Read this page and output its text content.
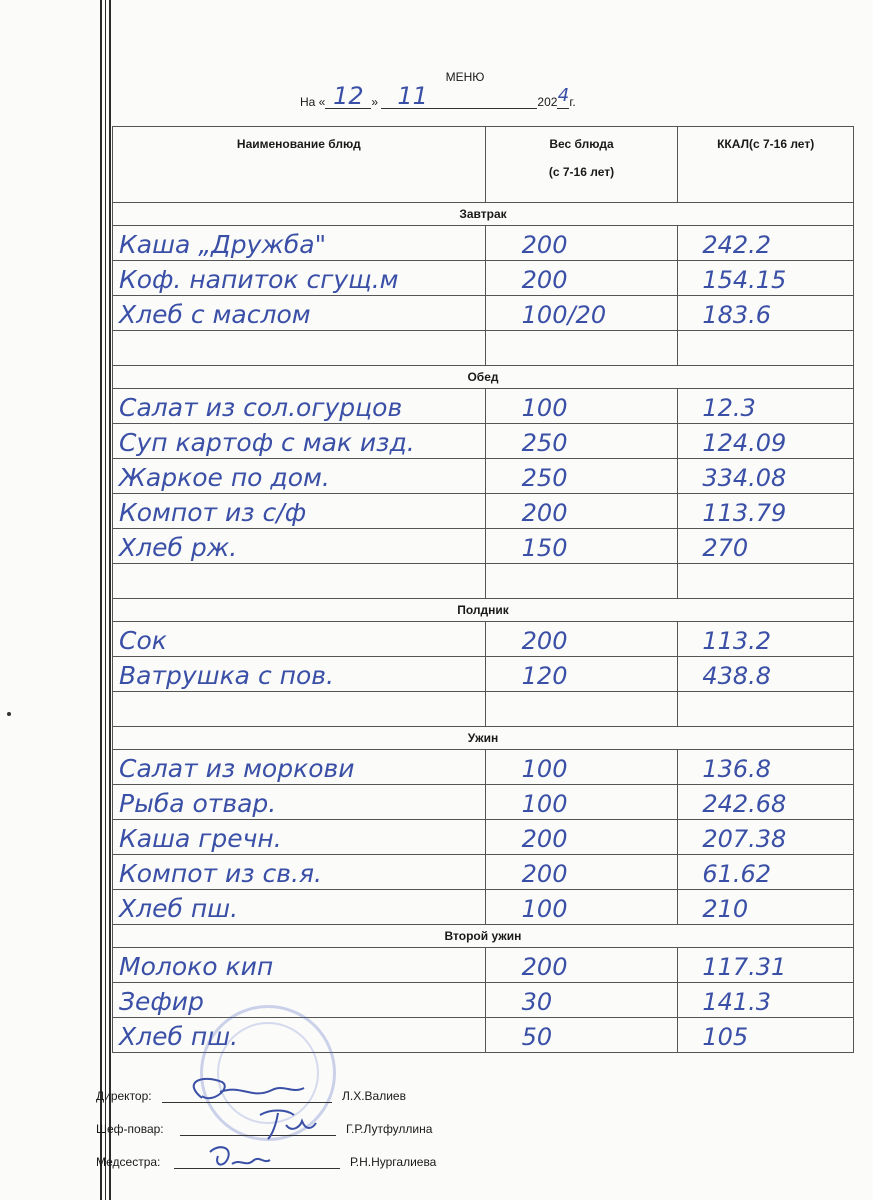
МЕНЮ
На « 12 » 11	202 4 г.
Наименование блюд	Вес блюда
(с 7-16 лет)	ККАЛ(с 7-16 лет)
Завтрак		

Каша „Дружба"	200	242.2

Коф. напиток сгущ.м	200	154.15

Хлеб с маслом	100/20	183.6

Обед		

Салат из сол.огурцов	100	12.3

Суп картоф с мак изд.	250	124.09

Жаркое по дом.	250	334.08

Компот из с/ф	200	113.79

Хлеб рж.	150	270

Полдник		

Сок	200	113.2

Ватрушка с пов.	120	438.8

Ужин		

Салат из моркови	100	136.8

Рыба отвар.	100	242.68

Каша гречн.	200	207.38

Компот из св.я.	200	61.62

Хлеб пш.	100	210

Второй ужин		

Молоко кип	200	117.31

Зефир	30	141.3

Хлеб пш.	50	105
Директор:	Л.Х.Валиев
Шеф-повар:	Г.Р.Лутфуллина
Медсестра:	Р.Н.Нургалиева
